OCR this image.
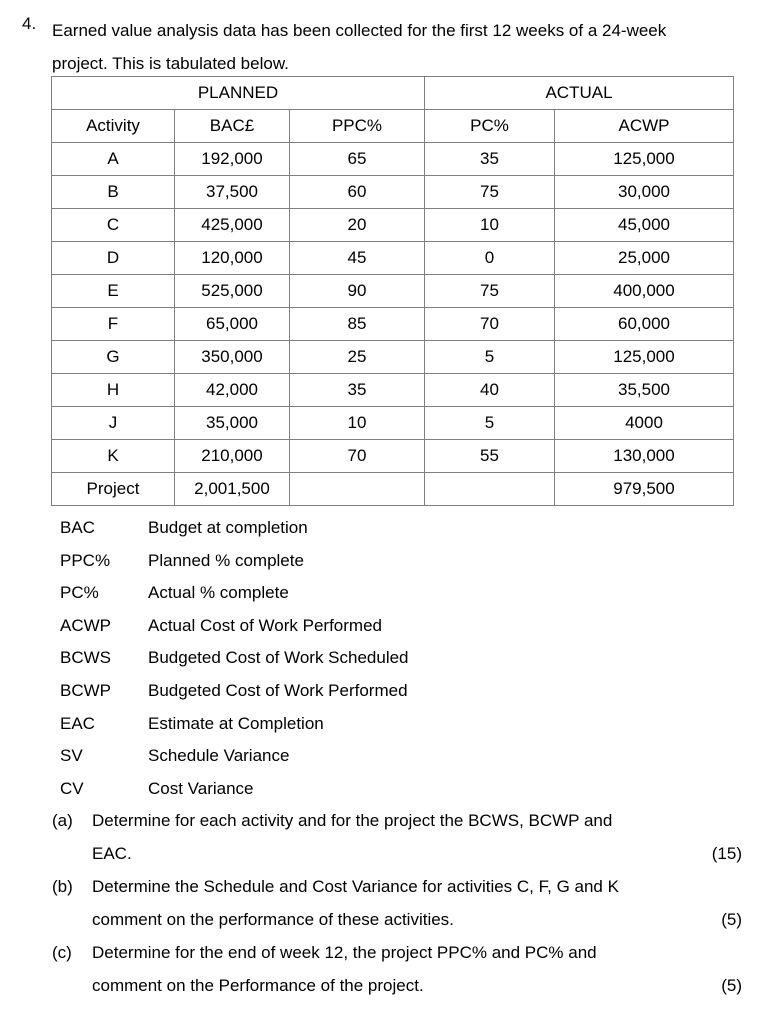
4. Earned value analysis data has been collected for the first 12 weeks of a 24-week
project. This is tabulated below.
PLANNED			ACTUAL	
Activity	BAC£	PPC%	PC%	ACWP
A	192,000	65	35	125,000
B	37,500	60	75	30,000
C	425,000	20	10	45,000
D	120,000	45	0	25,000
E	525,000	90	75	400,000
F	65,000	85	70	60,000
G	350,000	25	5	125,000
H	42,000	35	40	35,500
J	35,000	10	5	4000
K	210,000	70	55	130,000
Project	2,001,500			979,500
BAC	Budget at completion
PPC%	Planned % complete
PC%	Actual % complete
ACWP	Actual Cost of Work Performed
BCWS	Budgeted Cost of Work Scheduled
BCWP	Budgeted Cost of Work Performed
EAC	Estimate at Completion
SV	Schedule Variance
CV	Cost Variance
(a)	Determine for each activity and for the project the BCWS, BCWP and
EAC.	(15)
(b)	Determine the Schedule and Cost Variance for activities C, F, G and K
comment on the performance of these activities.	(5)
(c)	Determine for the end of week 12, the project PPC% and PC% and
comment on the Performance of the project.	(5)
